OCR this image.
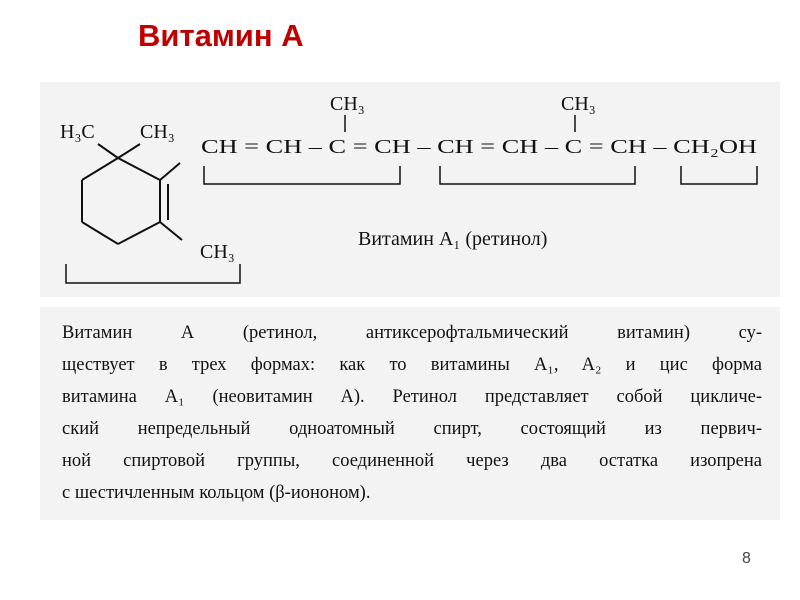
Витамин А
H₃C CH₃
CH₃
CH₃	CH₃
CH = CH – C = CH – CH = CH – C = CH – CH₂OH
Витамин A₁ (ретинол)

Витамин А (ретинол, антиксерофтальмический витамин) су-
ществует в трех формах: как то витамины A₁, A₂ и цис форма
витамина A₁ (неовитамин А). Ретинол представляет собой цикличе-
ский непредельный одноатомный спирт, состоящий из первич-
ной спиртовой группы, соединенной через два остатка изопрена
с шестичленным кольцом (β-иононом).

8
